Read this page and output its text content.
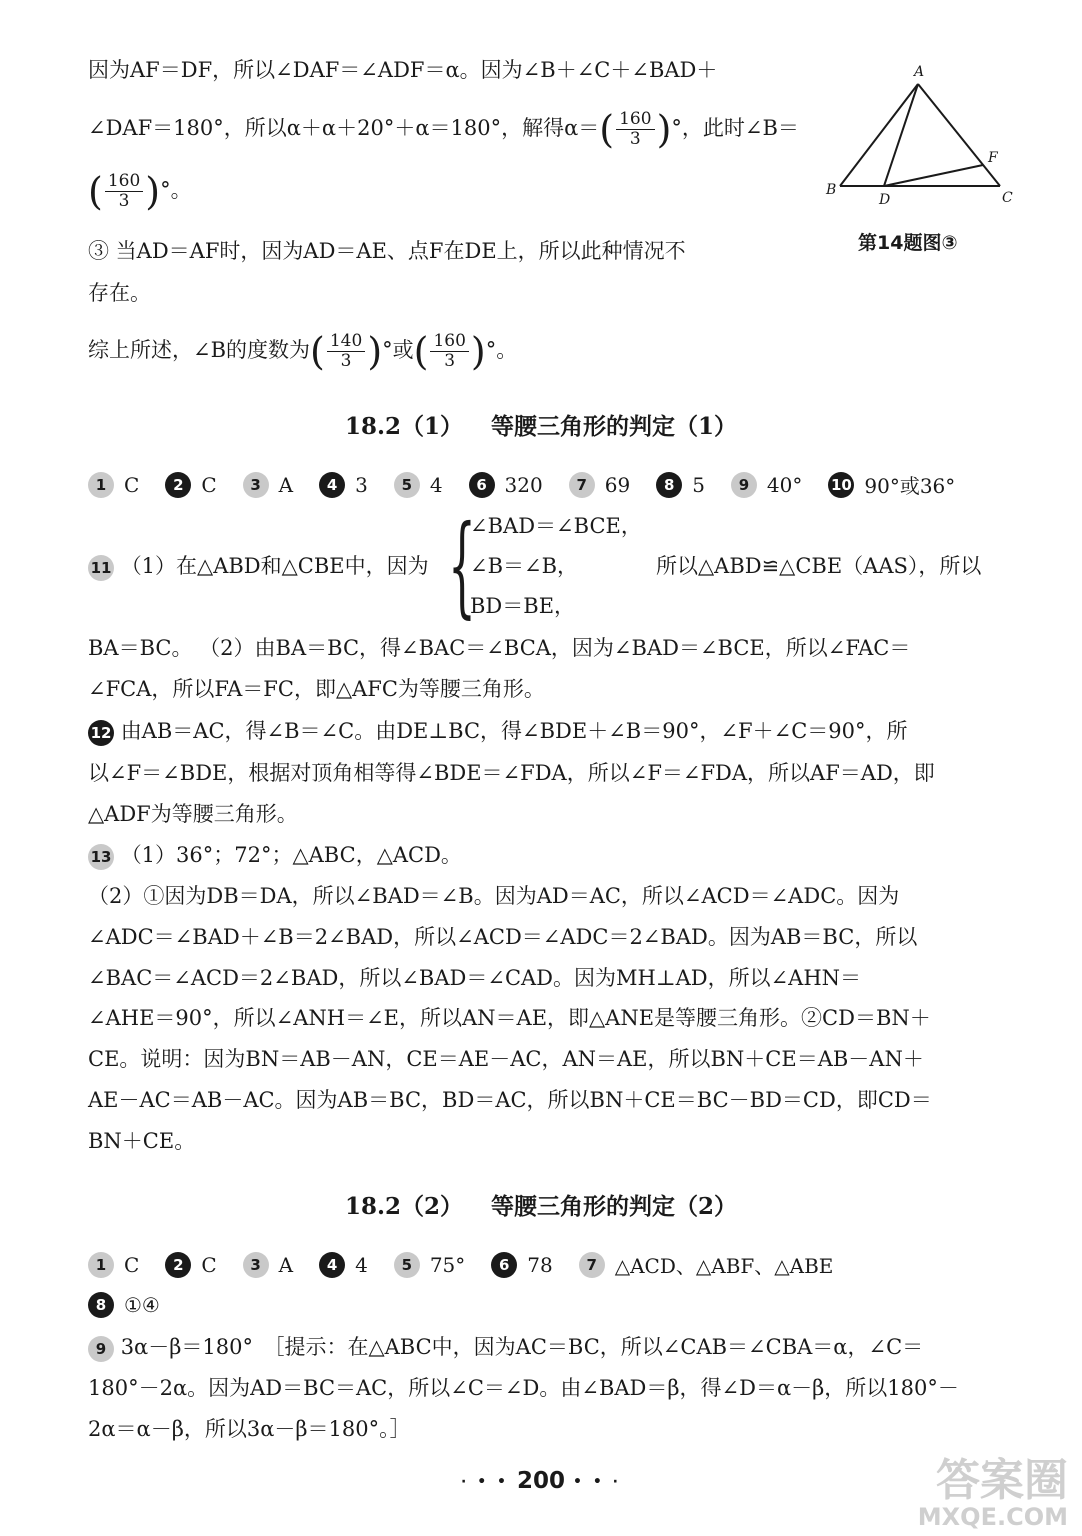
因为AF＝DF，所以∠DAF＝∠ADF＝α。因为∠B＋∠C＋∠BAD＋
∠DAF＝180°，所以α＋α＋20°＋α＝180°，解得$\alpha=( \frac{160}{3}$ )°，此时∠B＝
( $\frac{160}{3}$ )°。
③ 当AD＝AF时，因为AD＝AE、点F在DE上，所以此种情况不
存在。
综上所述，∠B的度数为( $\frac{140}{3}$ )°或( $\frac{160}{3}$ )°。
A
B	C
D
F
第14题图③
18.2（1） 等腰三角形的判定（1）
1 C	2 C	3 A	4 3	5 4	6 320	7 69	8 5	9 40° 10 90°或36°
11 （1）在△ABD和△CBE中，因为 {
∠BAD＝∠BCE，
∠B＝∠B，
BD＝BE，
所以△ABD≌△CBE（AAS），所以
BA＝BC。 （2）由BA＝BC，得∠BAC＝∠BCA，因为∠BAD＝∠BCE，所以∠FAC＝
∠FCA，所以FA＝FC，即△AFC为等腰三角形。
12 由AB＝AC，得∠B＝∠C。由DE⊥BC，得∠BDE＋∠B＝90°，∠F＋∠C＝90°，所
以∠F＝∠BDE，根据对顶角相等得∠BDE＝∠FDA，所以∠F＝∠FDA，所以AF＝AD，即
△ADF为等腰三角形。
13 （1）36°；72°；△ABC，△ACD。
（2）①因为DB＝DA，所以∠BAD＝∠B。因为AD＝AC，所以∠ACD＝∠ADC。因为
∠ADC＝∠BAD＋∠B＝2∠BAD，所以∠ACD＝∠ADC＝2∠BAD。因为AB＝BC，所以
∠BAC＝∠ACD＝2∠BAD，所以∠BAD＝∠CAD。因为MH⊥AD，所以∠AHN＝
∠AHE＝90°，所以∠ANH＝∠E，所以AN＝AE，即△ANE是等腰三角形。②CD＝BN＋
CE。说明：因为BN＝AB－AN，CE＝AE－AC，AN＝AE，所以BN＋CE＝AB－AN＋
AE－AC＝AB－AC。因为AB＝BC，BD＝AC，所以BN＋CE＝BC－BD＝CD，即CD＝
BN＋CE。
18.2（2） 等腰三角形的判定（2）
1 C	2 C	3 A	4 4	5 75°	6 78	7 △ACD、△ABF、△ABE
8 ①④
9 3α－β＝180°　［提示：在△ABC中，因为AC＝BC，所以∠CAB＝∠CBA＝α，∠C＝
180°－2α。因为AD＝BC＝AC，所以∠C＝∠D。由∠BAD＝β，得∠D＝α－β，所以180°－
2α＝α－β，所以3α－β＝180°。］
· • • 200 • • ·	答案圈
MXQE.COM
